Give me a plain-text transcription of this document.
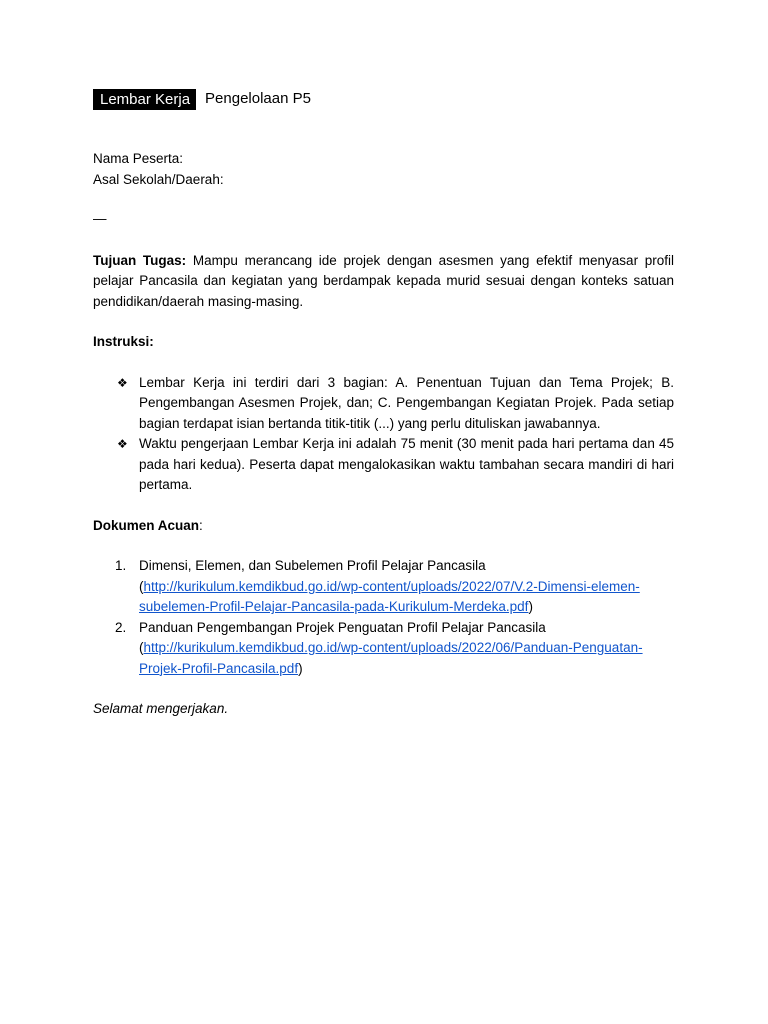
Lembar Kerja	Pengelolaan P5
Nama Peserta:
Asal Sekolah/Daerah:
—
Tujuan Tugas: Mampu merancang ide projek dengan asesmen yang efektif menyasar profil pelajar Pancasila dan kegiatan yang berdampak kepada murid sesuai dengan konteks satuan pendidikan/daerah masing-masing.
Instruksi:
❖ Lembar Kerja ini terdiri dari 3 bagian: A. Penentuan Tujuan dan Tema Projek; B. Pengembangan Asesmen Projek, dan; C. Pengembangan Kegiatan Projek. Pada setiap bagian terdapat isian bertanda titik-titik (...) yang perlu dituliskan jawabannya.
❖ Waktu pengerjaan Lembar Kerja ini adalah 75 menit (30 menit pada hari pertama dan 45 pada hari kedua). Peserta dapat mengalokasikan waktu tambahan secara mandiri di hari pertama.
Dokumen Acuan:
1. Dimensi, Elemen, dan Subelemen Profil Pelajar Pancasila
(http://kurikulum.kemdikbud.go.id/wp-content/uploads/2022/07/V.2-Dimensi-elemen-subelemen-Profil-Pelajar-Pancasila-pada-Kurikulum-Merdeka.pdf)
2. Panduan Pengembangan Projek Penguatan Profil Pelajar Pancasila
(http://kurikulum.kemdikbud.go.id/wp-content/uploads/2022/06/Panduan-Penguatan-Projek-Profil-Pancasila.pdf)
Selamat mengerjakan.
